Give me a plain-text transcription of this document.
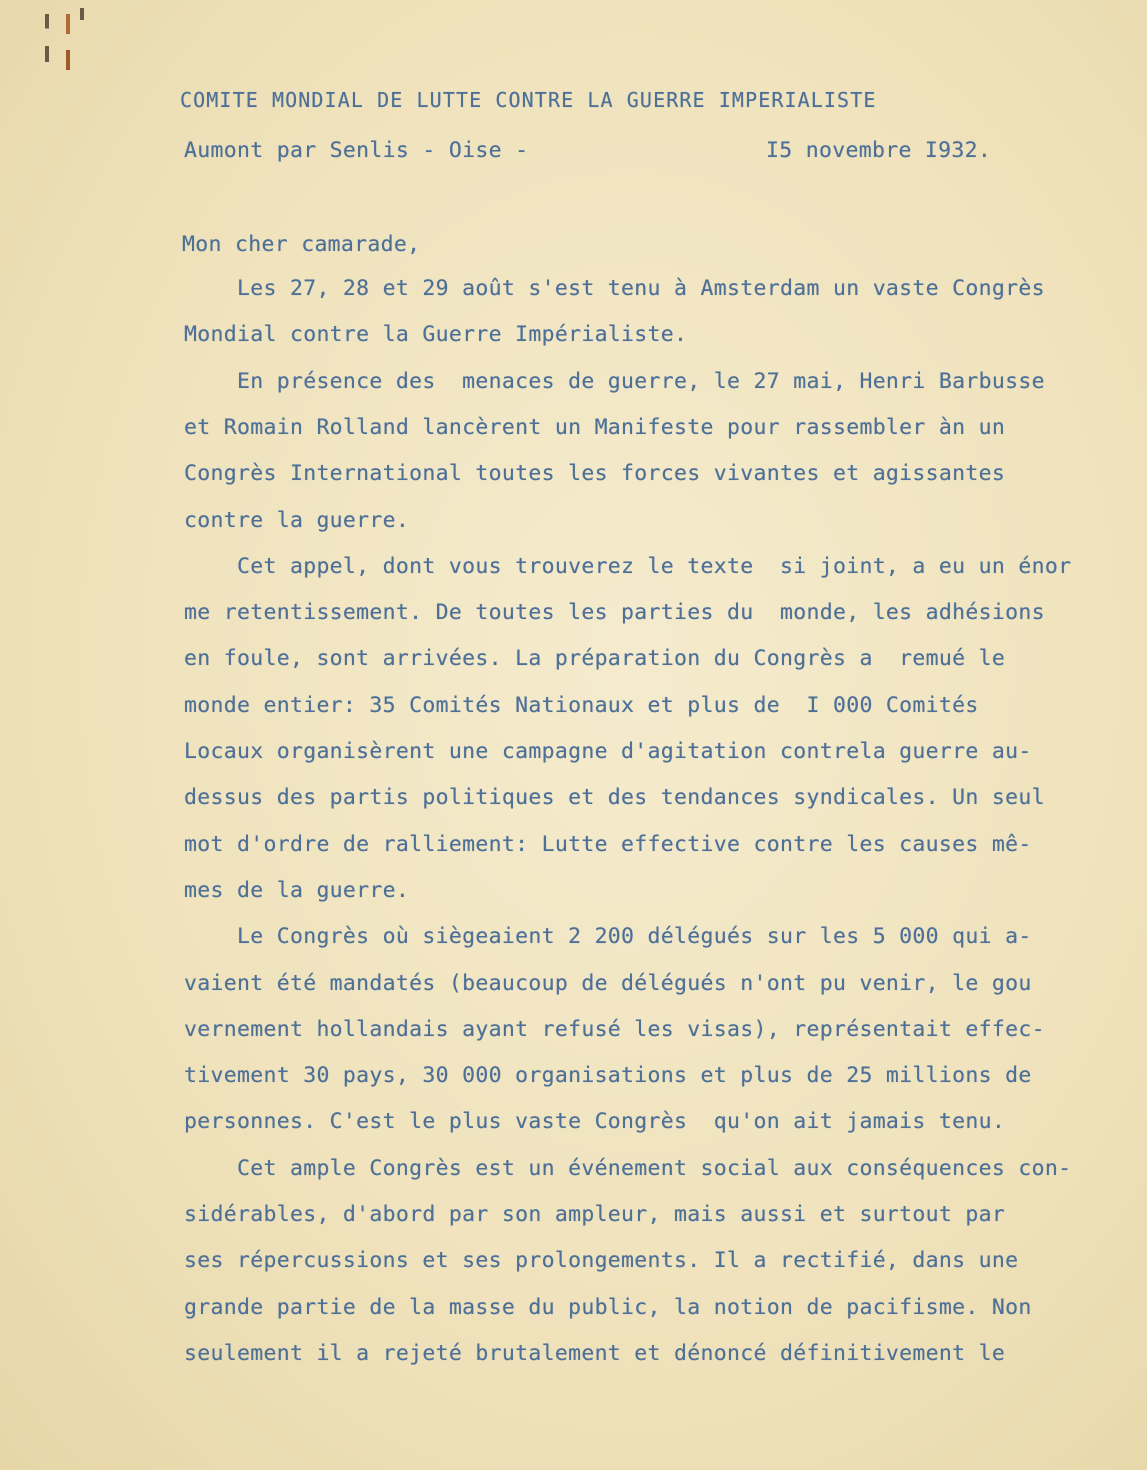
COMITE MONDIAL DE LUTTE CONTRE LA GUERRE IMPERIALISTE
Aumont par Senlis - Oise -	I5 novembre I932.
Mon cher camarade,
Les 27, 28 et 29 août s'est tenu à Amsterdam un vaste Congrès
Mondial contre la Guerre Impérialiste.
En présence des  menaces de guerre, le 27 mai, Henri Barbusse
et Romain Rolland lancèrent un Manifeste pour rassembler àn un
Congrès International toutes les forces vivantes et agissantes
contre la guerre.
Cet appel, dont vous trouverez le texte  si joint, a eu un énor
me retentissement. De toutes les parties du  monde, les adhésions
en foule, sont arrivées. La préparation du Congrès a  remué le
monde entier: 35 Comités Nationaux et plus de  I 000 Comités
Locaux organisèrent une campagne d'agitation contrela guerre au-
dessus des partis politiques et des tendances syndicales. Un seul
mot d'ordre de ralliement: Lutte effective contre les causes mê-
mes de la guerre.
Le Congrès où siègeaient 2 200 délégués sur les 5 000 qui a-
vaient été mandatés (beaucoup de délégués n'ont pu venir, le gou
vernement hollandais ayant refusé les visas), représentait effec-
tivement 30 pays, 30 000 organisations et plus de 25 millions de
personnes. C'est le plus vaste Congrès  qu'on ait jamais tenu.
Cet ample Congrès est un événement social aux conséquences con-
sidérables, d'abord par son ampleur, mais aussi et surtout par
ses répercussions et ses prolongements. Il a rectifié, dans une
grande partie de la masse du public, la notion de pacifisme. Non
seulement il a rejeté brutalement et dénoncé définitivement le
